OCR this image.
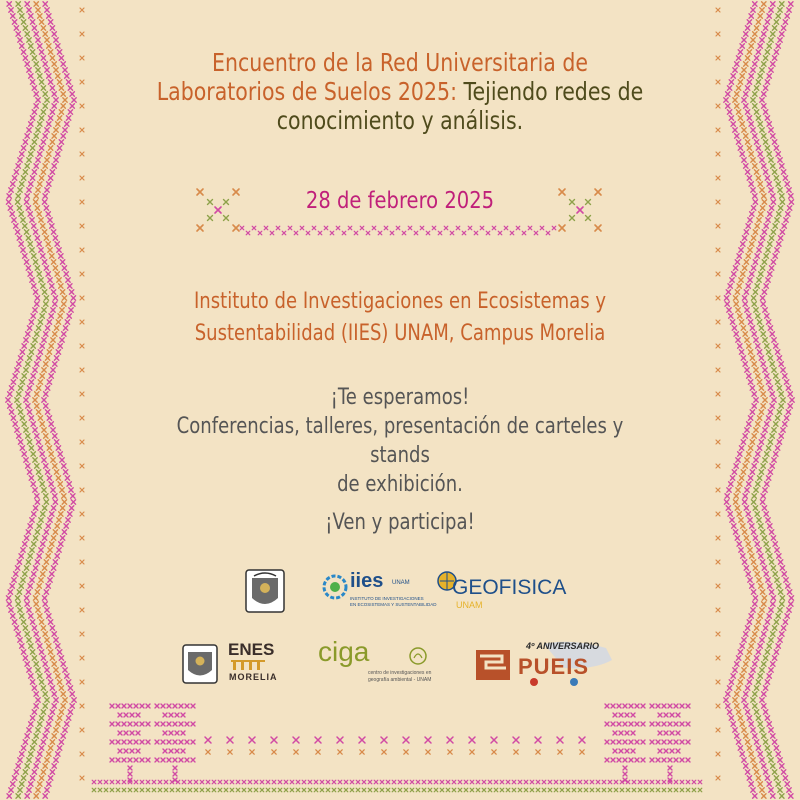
Encuentro de la Red Universitaria de
Laboratorios de Suelos 2025: Tejiendo redes de
conocimiento y análisis.
28 de febrero 2025
Instituto de Investigaciones en Ecosistemas y
Sustentabilidad (IIES) UNAM, Campus Morelia
¡Te esperamos!
Conferencias, talleres, presentación de carteles y stands
de exhibición.
¡Ven y participa!
iies UNAM
INSTITUTO DE INVESTIGACIONES
EN ECOSISTEMAS Y SUSTENTABILIDAD
GEOFISICA
UNAM
ENES
MORELIA
ciga
centro de investigaciones en
geografía ambiental - UNAM
4º ANIVERSARIO
PUEIS
